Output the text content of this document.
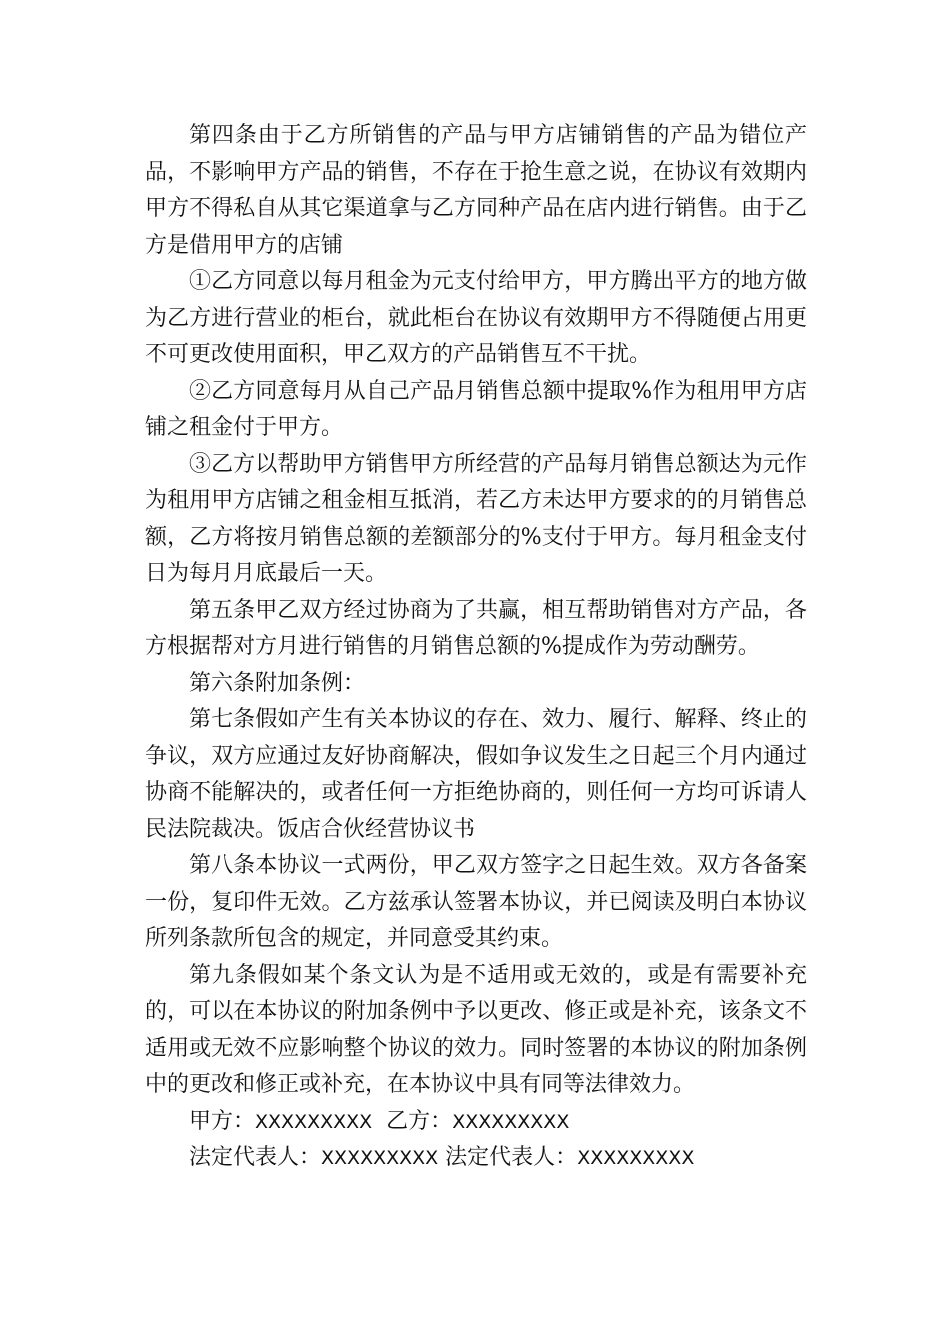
第四条由于乙方所销售的产品与甲方店铺销售的产品为错位产品，不影响甲方产品的销售，不存在于抢生意之说，在协议有效期内甲方不得私自从其它渠道拿与乙方同种产品在店内进行销售。由于乙方是借用甲方的店铺

①乙方同意以每月租金为元支付给甲方，甲方腾出平方的地方做为乙方进行营业的柜台，就此柜台在协议有效期甲方不得随便占用更不可更改使用面积，甲乙双方的产品销售互不干扰。

②乙方同意每月从自己产品月销售总额中提取%作为租用甲方店铺之租金付于甲方。

③乙方以帮助甲方销售甲方所经营的产品每月销售总额达为元作为租用甲方店铺之租金相互抵消，若乙方未达甲方要求的的月销售总额，乙方将按月销售总额的差额部分的%支付于甲方。每月租金支付日为每月月底最后一天。

第五条甲乙双方经过协商为了共赢，相互帮助销售对方产品，各方根据帮对方月进行销售的月销售总额的%提成作为劳动酬劳。

第六条附加条例：

第七条假如产生有关本协议的存在、效力、履行、解释、终止的争议，双方应通过友好协商解决，假如争议发生之日起三个月内通过协商不能解决的，或者任何一方拒绝协商的，则任何一方均可诉请人民法院裁决。饭店合伙经营协议书

第八条本协议一式两份，甲乙双方签字之日起生效。双方各备案一份，复印件无效。乙方兹承认签署本协议，并已阅读及明白本协议所列条款所包含的规定，并同意受其约束。

第九条假如某个条文认为是不适用或无效的，或是有需要补充的，可以在本协议的附加条例中予以更改、修正或是补充，该条文不适用或无效不应影响整个协议的效力。同时签署的本协议的附加条例中的更改和修正或补充，在本协议中具有同等法律效力。

甲方：XXXXXXXXX 乙方：XXXXXXXXX

法定代表人：XXXXXXXXX 法定代表人：XXXXXXXXX
